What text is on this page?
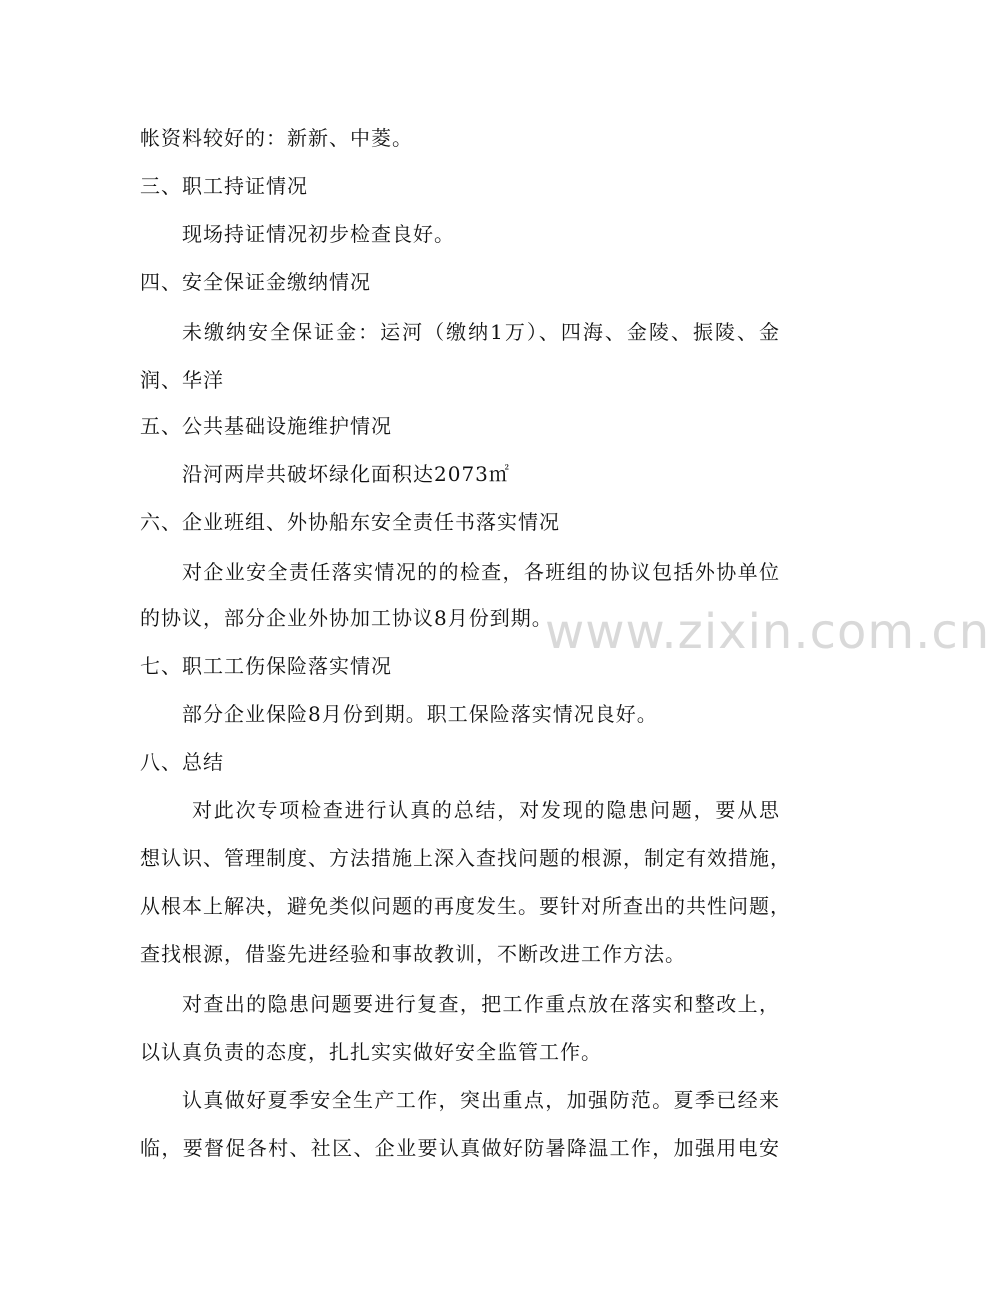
www.zixin.com.cn
帐资料较好的：新新、中菱。
三、职工持证情况
现场持证情况初步检查良好。
四、安全保证金缴纳情况
未缴纳安全保证金：运河（缴纳1万）、四海、金陵、振陵、金
润、华洋
五、公共基础设施维护情况
沿河两岸共破坏绿化面积达2073㎡
六、企业班组、外协船东安全责任书落实情况
对企业安全责任落实情况的的检查，各班组的协议包括外协单位
的协议，部分企业外协加工协议8月份到期。
七、职工工伤保险落实情况
部分企业保险8月份到期。职工保险落实情况良好。
八、总结
对此次专项检查进行认真的总结，对发现的隐患问题，要从思
想认识、管理制度、方法措施上深入查找问题的根源，制定有效措施，
从根本上解决，避免类似问题的再度发生。要针对所查出的共性问题，
查找根源，借鉴先进经验和事故教训，不断改进工作方法。
对查出的隐患问题要进行复查，把工作重点放在落实和整改上，
以认真负责的态度，扎扎实实做好安全监管工作。
认真做好夏季安全生产工作，突出重点，加强防范。夏季已经来
临，要督促各村、社区、企业要认真做好防暑降温工作，加强用电安
